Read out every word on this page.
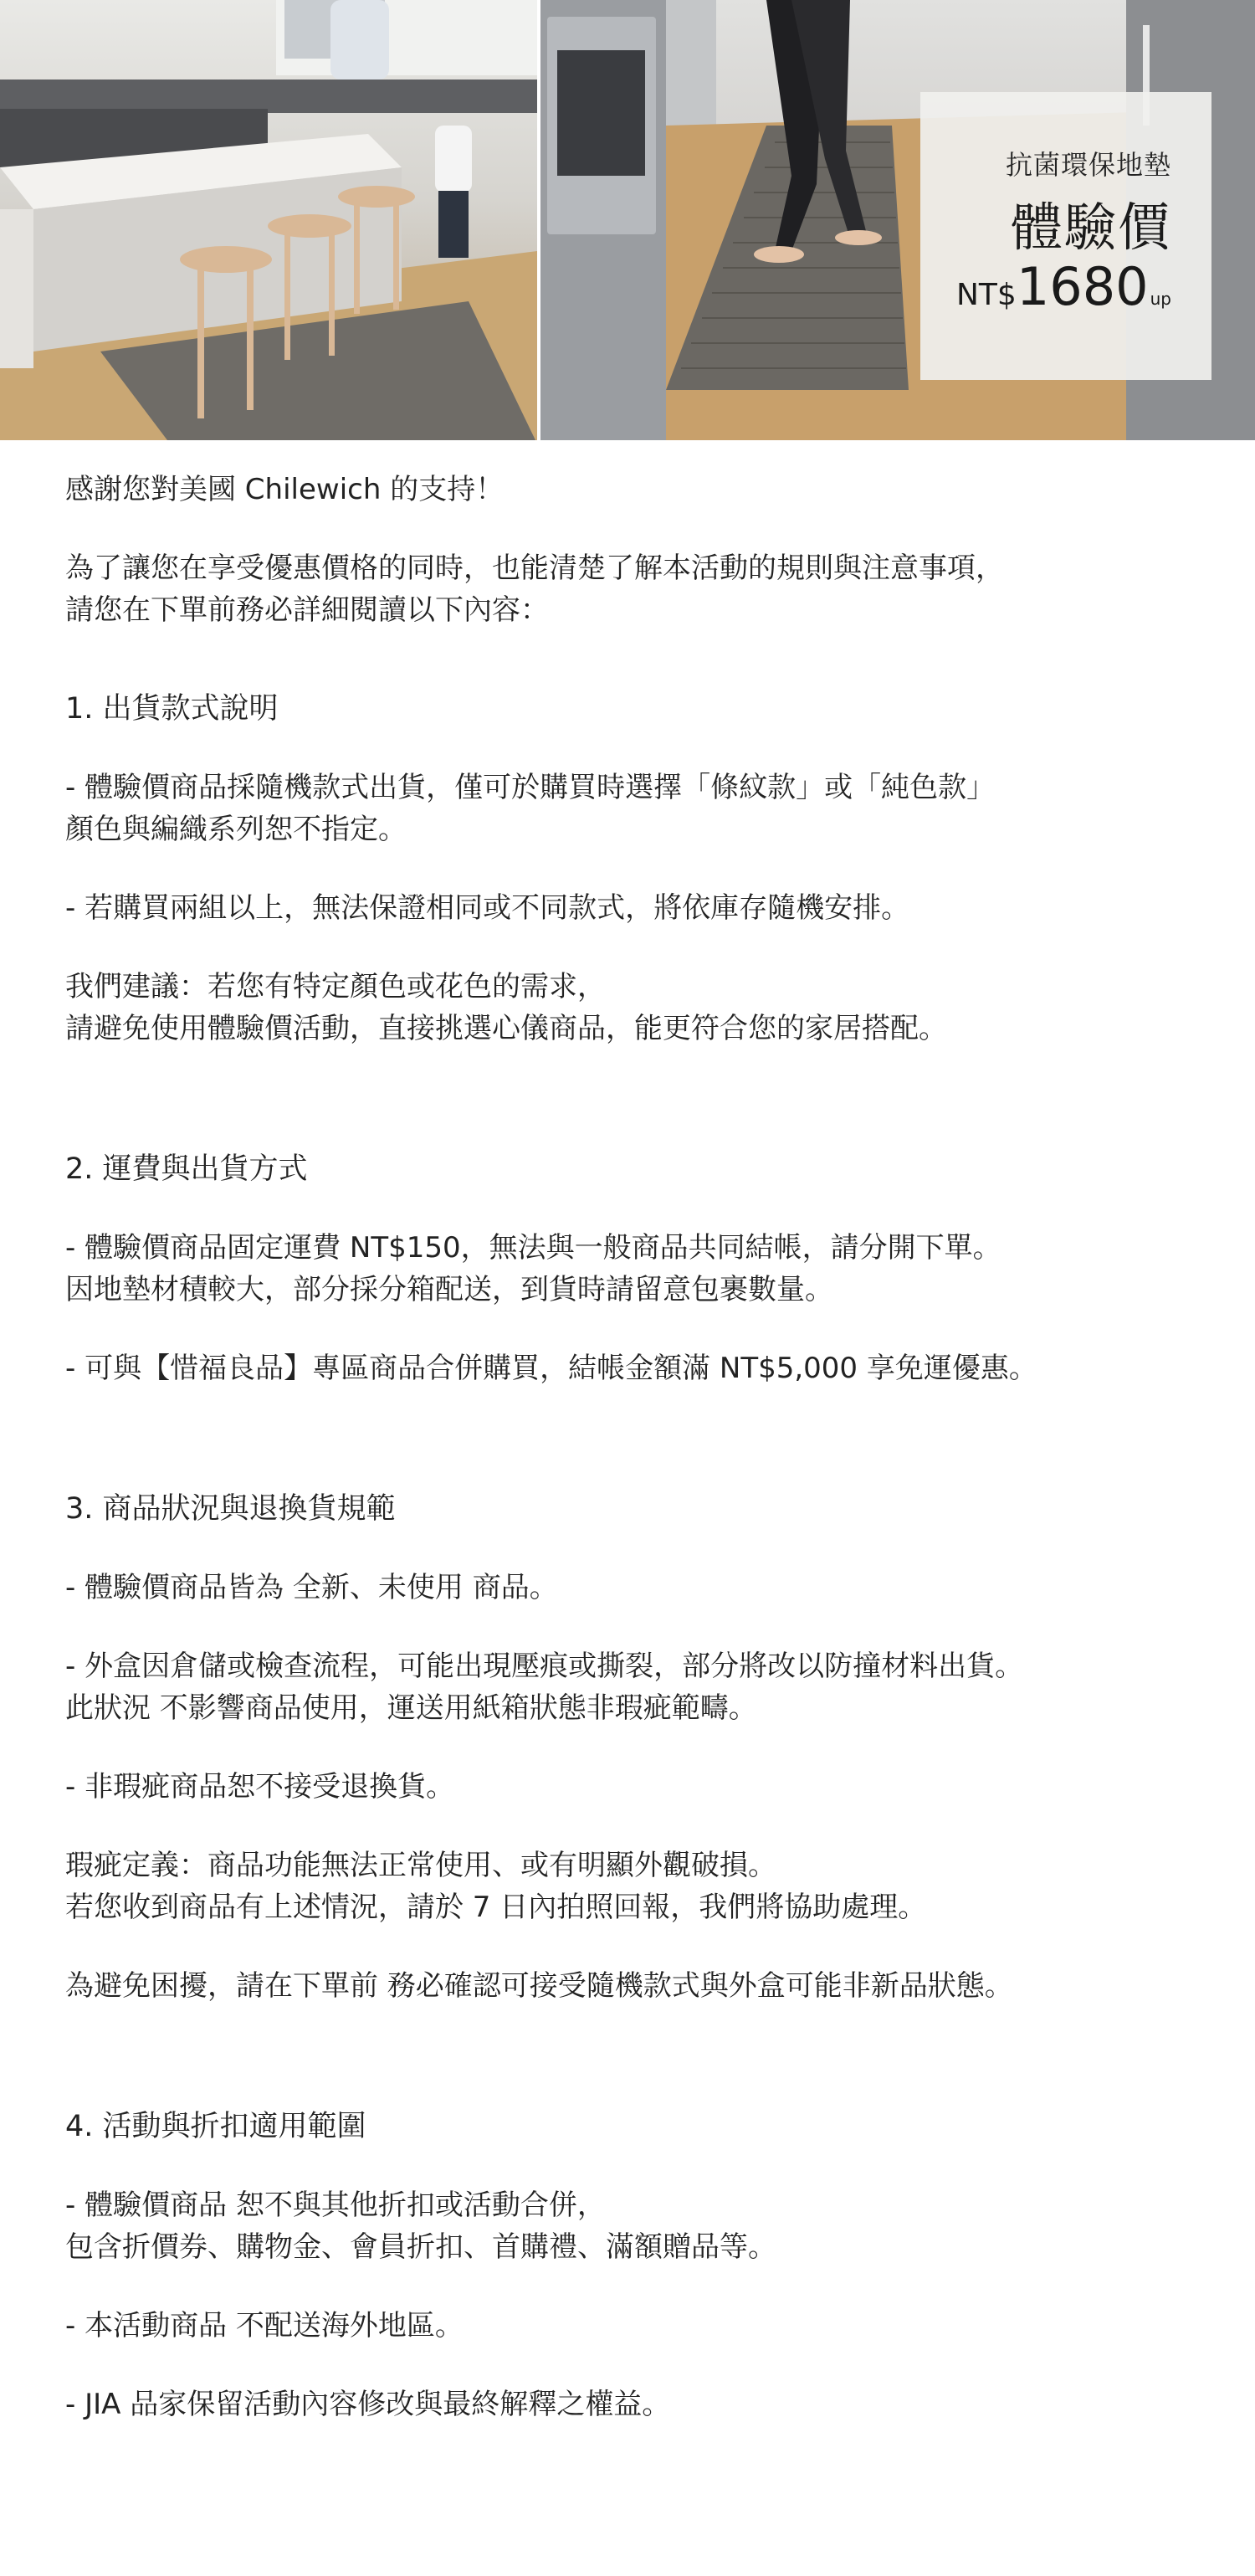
抗菌環保地墊
體驗價
NT$1680 up

感謝您對美國 Chilewich 的支持！

為了讓您在享受優惠價格的同時，也能清楚了解本活動的規則與注意事項，

請您在下單前務必詳細閱讀以下內容：

1. 出貨款式說明

- 體驗價商品採隨機款式出貨，僅可於購買時選擇「條紋款」或「純色款」

顏色與編織系列恕不指定。

- 若購買兩組以上，無法保證相同或不同款式，將依庫存隨機安排。

我們建議：若您有特定顏色或花色的需求，

請避免使用體驗價活動，直接挑選心儀商品，能更符合您的家居搭配。

2. 運費與出貨方式

- 體驗價商品固定運費 NT$150，無法與一般商品共同結帳，請分開下單。

因地墊材積較大，部分採分箱配送，到貨時請留意包裹數量。

- 可與【惜福良品】專區商品合併購買，結帳金額滿 NT$5,000 享免運優惠。

3. 商品狀況與退換貨規範

- 體驗價商品皆為 全新、未使用 商品。

- 外盒因倉儲或檢查流程，可能出現壓痕或撕裂，部分將改以防撞材料出貨。

此狀況 不影響商品使用，運送用紙箱狀態非瑕疵範疇。

- 非瑕疵商品恕不接受退換貨。

瑕疵定義：商品功能無法正常使用、或有明顯外觀破損。

若您收到商品有上述情況，請於 7 日內拍照回報，我們將協助處理。

為避免困擾，請在下單前 務必確認可接受隨機款式與外盒可能非新品狀態。

4. 活動與折扣適用範圍

- 體驗價商品 恕不與其他折扣或活動合併，

包含折價券、購物金、會員折扣、首購禮、滿額贈品等。

- 本活動商品 不配送海外地區。

- JIA 品家保留活動內容修改與最終解釋之權益。
